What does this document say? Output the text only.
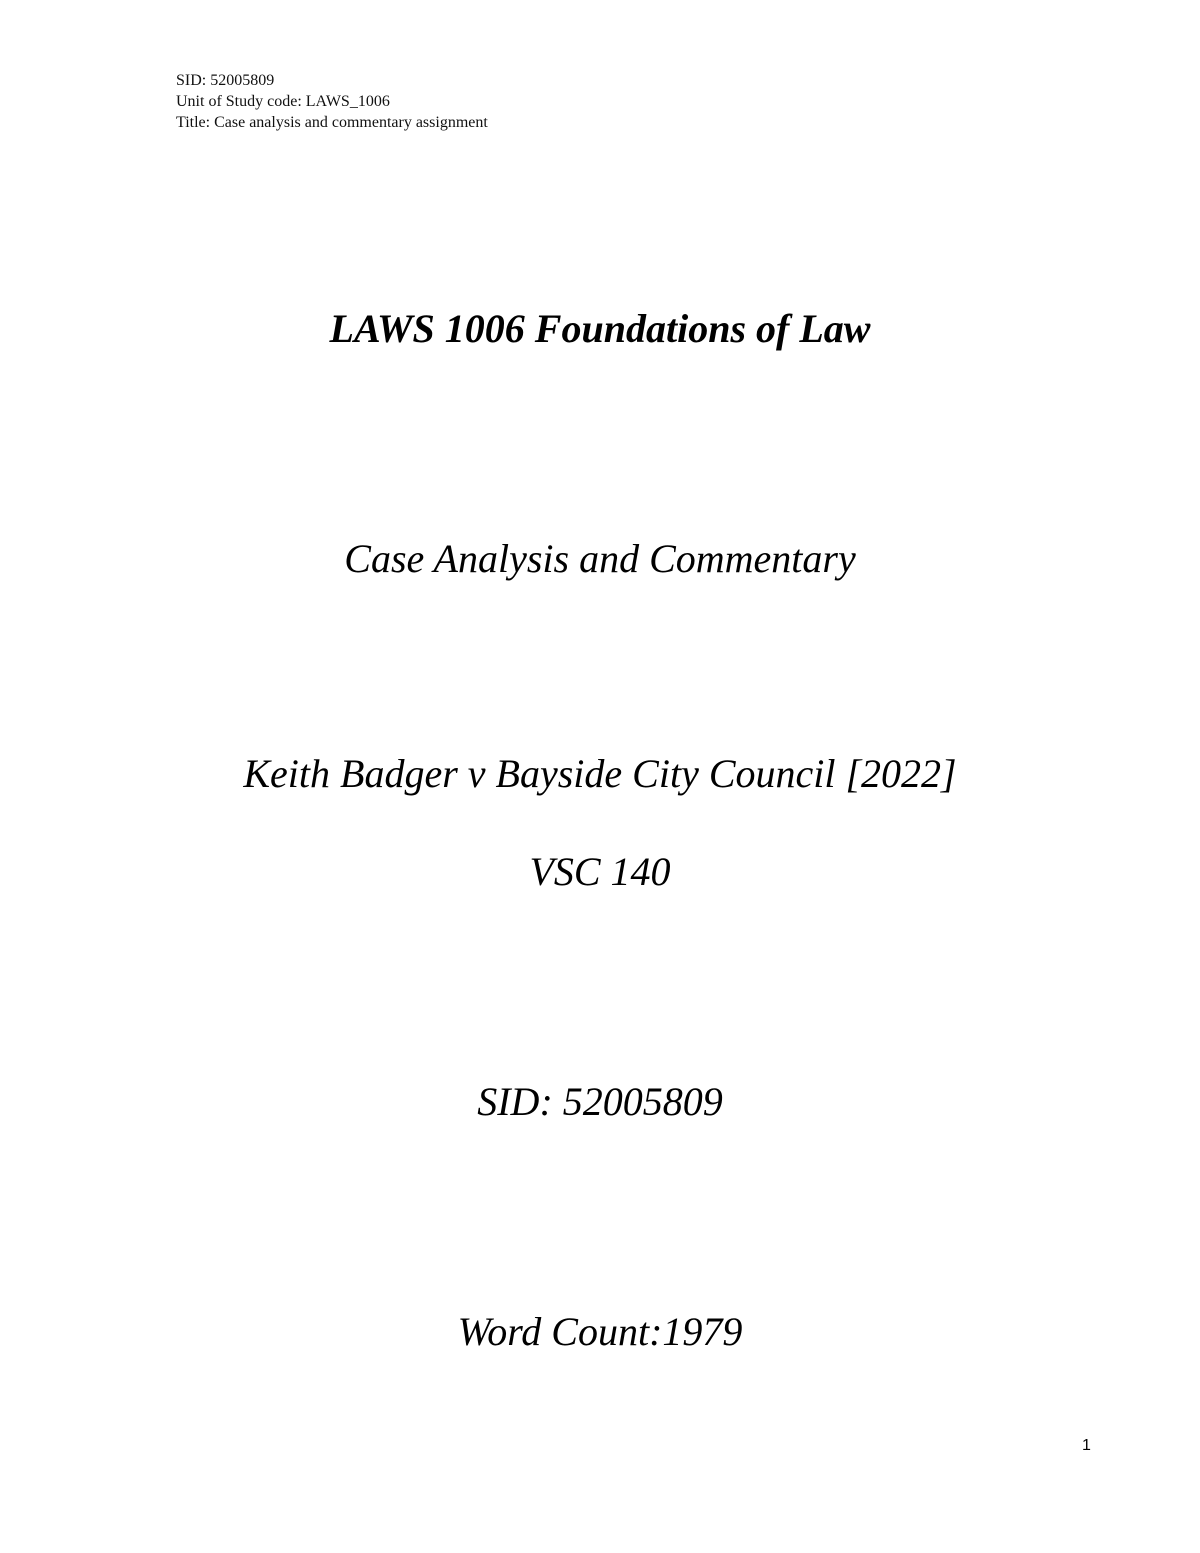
SID: 52005809
Unit of Study code: LAWS_1006
Title: Case analysis and commentary assignment
LAWS 1006 Foundations of Law
Case Analysis and Commentary
Keith Badger v Bayside City Council [2022]
VSC 140
SID: 52005809
Word Count:1979
1
